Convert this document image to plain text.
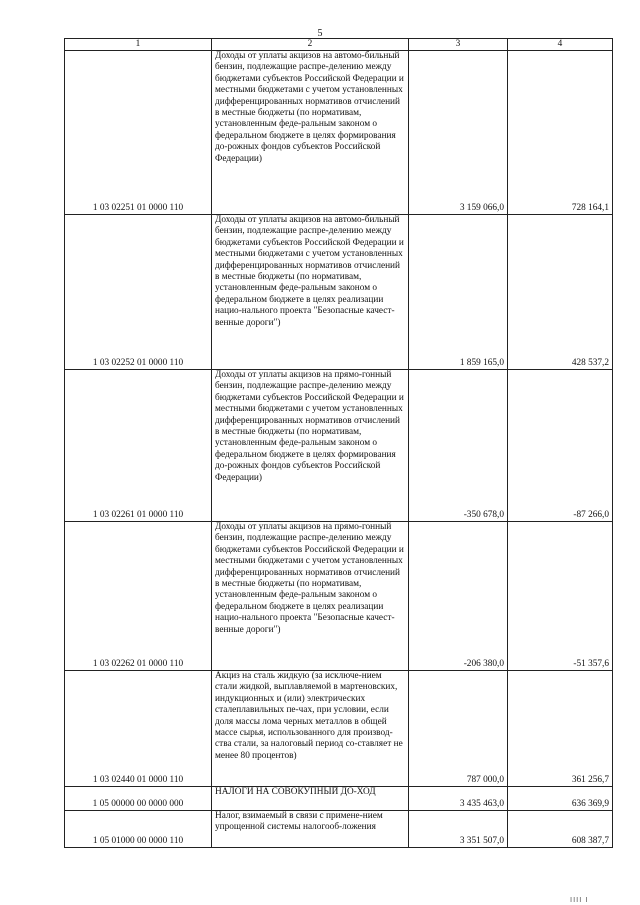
5
1	2	3	4
1 03 02251 01 0000 110	Доходы от уплаты акцизов на автомо-бильный бензин, подлежащие распре-делению между бюджетами субъектов Российской Федерации и местными бюджетами с учетом установленных дифференцированных нормативов отчислений в местные бюджеты (по нормативам, установленным феде-ральным законом о федеральном бюджете в целях формирования до-рожных фондов субъектов Российской Федерации)	3 159 066,0	728 164,1
1 03 02252 01 0000 110	Доходы от уплаты акцизов на автомо-бильный бензин, подлежащие распре-делению между бюджетами субъектов Российской Федерации и местными бюджетами с учетом установленных дифференцированных нормативов отчислений в местные бюджеты (по нормативам, установленным феде-ральным законом о федеральном бюджете в целях реализации нацио-нального проекта "Безопасные качест-венные дороги")	1 859 165,0	428 537,2
1 03 02261 01 0000 110	Доходы от уплаты акцизов на прямо-гонный бензин, подлежащие распре-делению между бюджетами субъектов Российской Федерации и местными бюджетами с учетом установленных дифференцированных нормативов отчислений в местные бюджеты (по нормативам, установленным феде-ральным законом о федеральном бюджете в целях формирования до-рожных фондов субъектов Российской Федерации)	-350 678,0	-87 266,0
1 03 02262 01 0000 110	Доходы от уплаты акцизов на прямо-гонный бензин, подлежащие распре-делению между бюджетами субъектов Российской Федерации и местными бюджетами с учетом установленных дифференцированных нормативов отчислений в местные бюджеты (по нормативам, установленным феде-ральным законом о федеральном бюджете в целях реализации нацио-нального проекта "Безопасные качест-венные дороги")	-206 380,0	-51 357,6
1 03 02440 01 0000 110	Акциз на сталь жидкую (за исключе-нием стали жидкой, выплавляемой в мартеновских, индукционных и (или) электрических сталеплавильных пе-чах, при условии, если доля массы лома черных металлов в общей массе сырья, использованного для производ-ства стали, за налоговый период со-ставляет не менее 80 процентов)	787 000,0	361 256,7
1 05 00000 00 0000 000	НАЛОГИ НА СОВОКУПНЫЙ ДО-ХОД	3 435 463,0	636 369,9
1 05 01000 00 0000 110	Налог, взимаемый в связи с примене-нием упрощенной системы налогооб-ложения	3 351 507,0	608 387,7
IIII I
